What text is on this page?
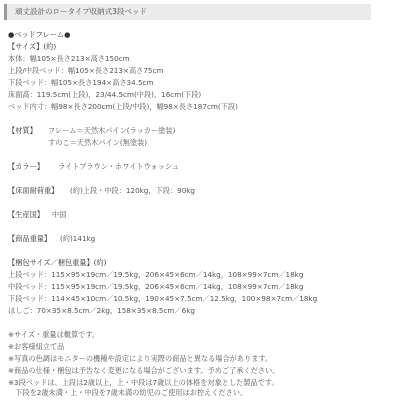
頑丈設計のロータイプ収納式3段ベッド
●ベッドフレーム●
【サイズ】(約)
本体：幅105×長さ213×高さ150cm
上段/中段ベッド：幅105×長さ213×高さ75cm
下段ベッド：幅105×長さ194×高さ34.5cm
床面高：119.5cm(上段)，23/44.5cm(中段)，16cm(下段)
ベッド内寸：幅98×長さ200cm(上段/中段)，幅98×長さ187cm(下段)
【材質】 フレーム＝天然木パイン(ラッカー塗装)
すのこ＝天然木パイン(無塗装)
【カラー】 ライトブラウン・ホワイトウォッシュ
【床面耐荷重】 (約)上段・中段：120kg，下段：90kg
【生産国】 中国
【商品重量】 (約)141kg
【梱包サイズ／梱包重量】(約)
上段ベッド：115×95×19cm／19.5kg，206×45×6cm／14kg，108×99×7cm／18kg
中段ベッド：115×95×19cm／19.5kg，206×45×6cm／14kg，108×99×7cm／18kg
下段ベッド：114×45×10cm／10.5kg，190×45×7.5cm／12.5kg，100×98×7cm／18kg
はしご：70×35×8.5cm／2kg，158×35×8.5cm／6kg
※サイズ・重量は概算です。
※お客様組立て品
※写真の色調はモニターの機種や設定により実際の商品と異なる場合があります。
※商品の仕様・梱包は予告なく変更になる場合がございます。予めご了承ください。
※3段ベッドは、上段は2歳以上，上・中段は7歳以上の体格を対象とした製品です。
　下段を2歳未満・上・中段を7歳未満の幼児のご使用はお控えください。
